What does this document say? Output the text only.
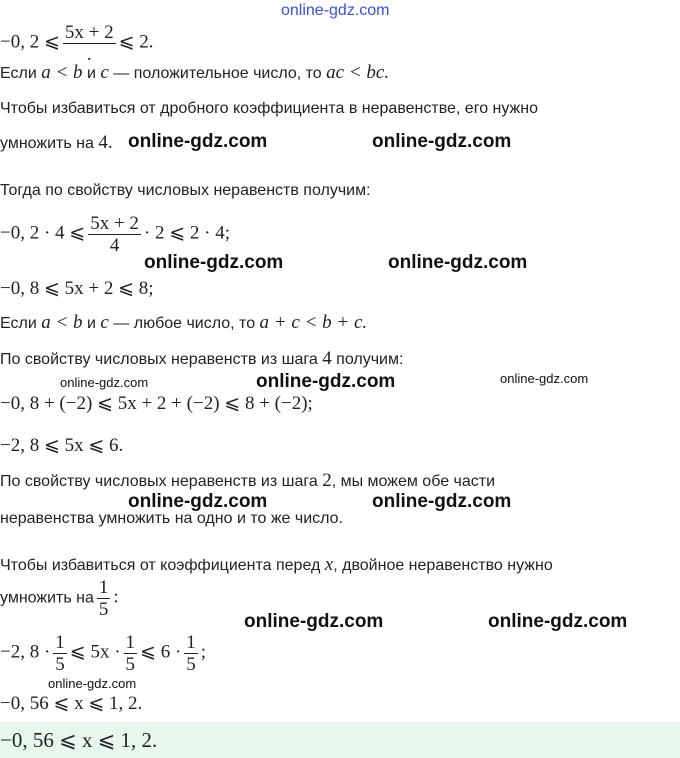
online-gdz.com
−0, 2 ⩽ $\frac{5x + 2}{.}$ ⩽ 2.
Если a < b и c — положительное число, то ac < bc.
Чтобы избавиться от дробного коэффициента в неравенстве, его нужно
умножить на 4. online-gdz.com	online-gdz.com
Тогда по свойству числовых неравенств получим:
−0, 2 · 4 ⩽ $\frac{5x + 2}{4} \cdot 2$ ⩽ 2 · 4;
online-gdz.com	online-gdz.com
−0, 8 ⩽ 5x + 2 ⩽ 8;
Если a < b и c — любое число, то a + c < b + c.
По свойству числовых неравенств из шага 4 получим:
online-gdz.com	online-gdz.com	online-gdz.com
−0, 8 + (−2) ⩽ 5x + 2 + (−2) ⩽ 8 + (−2);
−2, 8 ⩽ 5x ⩽ 6.
По свойству числовых неравенств из шага 2, мы можем обе части
online-gdz.com	online-gdz.com
неравенства умножить на одно и то же число.
Чтобы избавиться от коэффициента перед x, двойное неравенство нужно
умножить на $\frac{1}{5}$ :
online-gdz.com	online-gdz.com
−2, $8 \cdot \frac{1}{5}$ ⩽ $5x \cdot \frac{1}{5}$ ⩽ $6 \cdot \frac{1}{5}$ ;
online-gdz.com
−0, 56 ⩽ x ⩽ 1, 2.
−0, 56 ⩽ x ⩽ 1, 2.
